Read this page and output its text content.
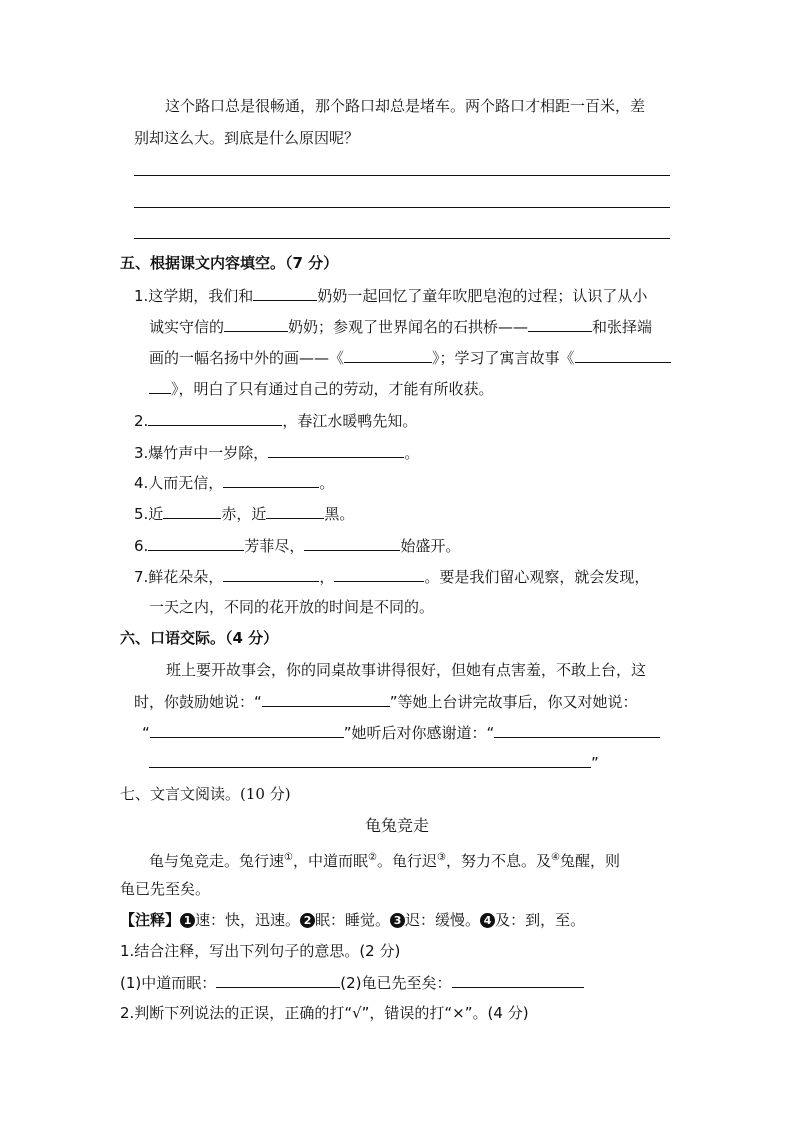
这个路口总是很畅通，那个路口却总是堵车。两个路口才相距一百米，差
别却这么大。到底是什么原因呢？
五、根据课文内容填空。（7 分）
1.这学期，我们和	奶奶一起回忆了童年吹肥皂泡的过程；认识了从小
诚实守信的	奶奶；参观了世界闻名的石拱桥——	和张择端
画的一幅名扬中外的画——《	》；学习了寓言故事《
》，明白了只有通过自己的劳动，才能有所收获。
2.	，春江水暖鸭先知。
3.爆竹声中一岁除，	。
4.人而无信，	。
5.近	赤，近	黑。
6.	芳菲尽，	始盛开。
7.鲜花朵朵，	，	。要是我们留心观察，就会发现，
一天之内，不同的花开放的时间是不同的。
六、口语交际。（4 分）
班上要开故事会，你的同桌故事讲得很好，但她有点害羞，不敢上台，这
时，你鼓励她说：“	”等她上台讲完故事后，你又对她说：
“	”她听后对你感谢道：“
”
七、文言文阅读。(10 分)
龟兔竞走
龟与兔竞走。兔行速①，中道而眠②。龟行迟③，努力不息。及④兔醒，则
龟已先至矣。
【注释】 1 速：快，迅速。 2 眠：睡觉。 3 迟：缓慢。 4 及：到，至。
1.结合注释，写出下列句子的意思。(2 分)
(1)中道而眠：	(2)龟已先至矣：
2.判断下列说法的正误，正确的打“√”，错误的打“×”。(4 分)
